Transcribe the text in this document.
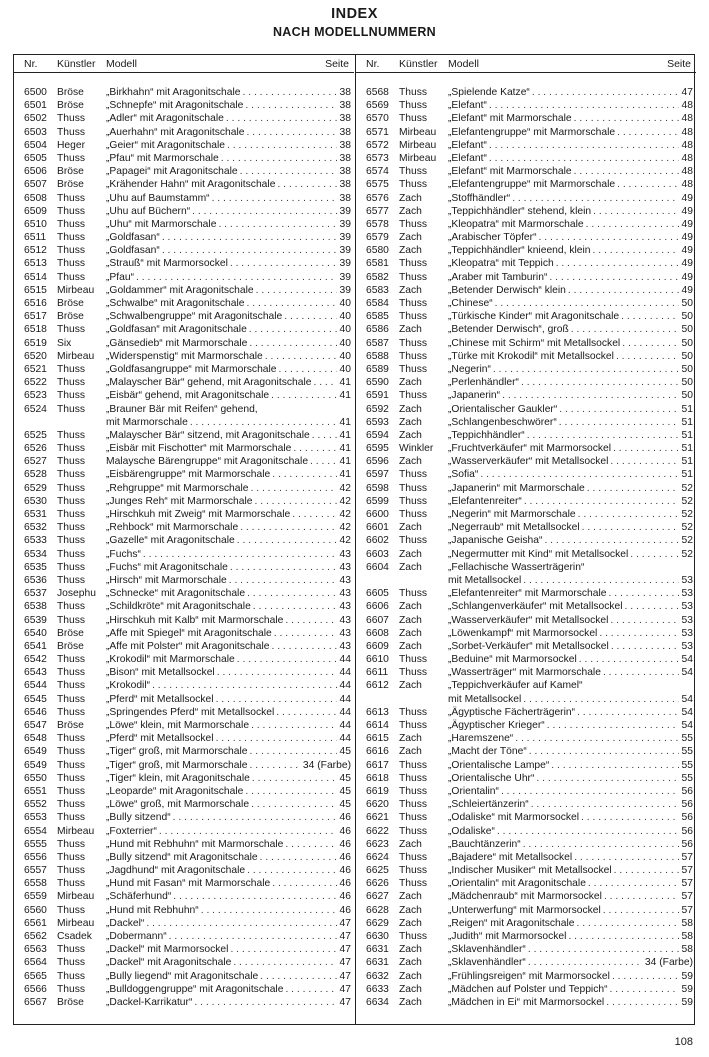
INDEX
NACH MODELLNUMMERN
Nr. Künstler Modell	Seite
6500 Bröse	„Birkhahn“ mit Aragonitschale . . .	38
6501 Bröse	„Schnepfe“ mit Aragonitschale . . .	38
6502 Thuss	„Adler“ mit Aragonitschale . . .	38
6503 Thuss	„Auerhahn“ mit Aragonitschale . . .	38
6504 Heger	„Geier“ mit Aragonitschale . . .	38
6505 Thuss	„Pfau“ mit Marmorschale . . .	38
6506 Bröse	„Papagei“ mit Aragonitschale . . .	38
6507 Bröse	„Krähender Hahn“ mit Aragonitschale . . .	38
6508 Thuss	„Uhu auf Baumstamm“ . . .	38
6509 Thuss	„Uhu auf Büchern“ . . .	39
6510 Thuss	„Uhu“ mit Marmorschale . . .	39
6511	Thuss	„Goldfasan“ . . .	39
6512 Thuss	„Goldfasan“ . . .	39
6513 Thuss	„Strauß“ mit Marmorsockel . . .	39
6514 Thuss	„Pfau“ . . .	39
6515 Mirbeau	„Goldammer“ mit Aragonitschale . . .	39
6516 Bröse	„Schwalbe“ mit Aragonitschale . . .	40
6517 Bröse	„Schwalbengruppe“ mit Aragonitschale . . .	40
6518 Thuss	„Goldfasan“ mit Aragonitschale . . .	40
6519 Six	„Gänsedieb“ mit Marmorschale . . .	40
6520 Mirbeau	„Widerspenstig“ mit Marmorschale . . .	40
6521 Thuss	„Goldfasangruppe“ mit Marmorschale . . .	40
6522 Thuss	„Malayscher Bär“ gehend, mit Aragonitschale . . .	41
6523 Thuss	„Eisbär“ gehend, mit Aragonitschale . . .	41
6524 Thuss	„Brauner Bär mit Reifen“ gehend,
mit Marmorschale . . .	41
6525 Thuss	„Malayscher Bär“ sitzend, mit Aragonitschale . . .	41
6526 Thuss	„Eisbär mit Fischotter“ mit Marmorschale . . .	41
6527 Thuss	Malaysche Bärengruppe“ mit Aragonitschale . . .	41
6528 Thuss	„Eisbärengruppe“ mit Marmorschale . . .	41
6529 Thuss	„Rehgruppe“ mit Marmorschale . . .	42
6530 Thuss	„Junges Reh“ mit Marmorschale . . .	42
6531 Thuss	„Hirschkuh mit Zweig“ mit Marmorschale . . .	42
6532 Thuss	„Rehbock“ mit Marmorschale . . .	42
6533 Thuss	„Gazelle“ mit Aragonitschale . . .	42
6534 Thuss	„Fuchs“ . . .	43
6535 Thuss	„Fuchs“ mit Aragonitschale . . .	43
6536 Thuss	„Hirsch“ mit Marmorschale . . .	43
6537 Josephu „Schnecke“ mit Aragonitschale . . .	43
6538 Thuss	„Schildkröte“ mit Aragonitschale . . .	43
6539 Thuss	„Hirschkuh mit Kalb“ mit Marmorschale . . .	43
6540 Bröse	„Affe mit Spiegel“ mit Aragonitschale . . .	43
6541 Bröse	„Affe mit Polster“ mit Aragonitschale . . .	43
6542 Thuss	„Krokodil“ mit Marmorschale . . .	44
6543 Thuss	„Bison“ mit Metallsockel . . .	44
6544 Thuss	„Krokodil“ . . .	44
6545 Thuss	„Pferd“ mit Metallsockel . . .	44
6546 Thuss	„Springendes Pferd“ mit Metallsockel . . .	44
6547 Bröse	„Löwe“ klein, mit Marmorschale . . .	44
6548 Thuss	„Pferd“ mit Metallsockel . . .	44
6549 Thuss	„Tiger“ groß, mit Marmorschale . . .	45
6549 Thuss	„Tiger“ groß, mit Marmorschale . . .	34 (Farbe)
6550 Thuss	„Tiger“ klein, mit Aragonitschale . . .	45
6551 Thuss	„Leoparde“ mit Aragonitschale . . .	45
6552 Thuss	„Löwe“ groß, mit Marmorschale . . .	45
6553 Thuss	„Bully sitzend“ . . .	46
6554 Mirbeau	„Foxterrier“ . . .	46
6555 Thuss	„Hund mit Rebhuhn“ mit Marmorschale . . .	46
6556 Thuss	„Bully sitzend“ mit Aragonitschale . . .	46
6557 Thuss	„Jagdhund“ mit Aragonitschale . . .	46
6558 Thuss	„Hund mit Fasan“ mit Marmorschale . . .	46
6559 Mirbeau	„Schäferhund“ . . .	46
6560 Thuss	„Hund mit Rebhuhn“ . . .	46
6561 Mirbeau	„Dackel“ . . .	47
6562 Csadek	„Dobermann“ . . .	47
6563 Thuss	„Dackel“ mit Marmorsockel . . .	47
6564 Thuss	„Dackel“ mit Aragonitschale . . .	47
6565 Thuss	„Bully liegend“ mit Aragonitschale . . .	47
6566 Thuss	„Bulldoggengruppe“ mit Aragonitschale . . .	47
6567 Bröse	„Dackel-Karrikatur“ . . .	47
Nr. Künstler Modell	Seite
6568 Thuss	„Spielende Katze“ . . .	47
6569 Thuss	„Elefant“ . . .	48
6570 Thuss	„Elefant“ mit Marmorschale . . .	48
6571 Mirbeau	„Elefantengruppe“ mit Marmorschale . . .	48
6572 Mirbeau	„Elefant“ . . .	48
6573 Mirbeau	„Elefant“ . . .	48
6574 Thuss	„Elefant“ mit Marmorschale . . .	48
6575 Thuss	„Elefantengruppe“ mit Marmorschale . . .	48
6576 Zach	„Stoffhändler“ . . .	49
6577 Zach	„Teppichhändler“ stehend, klein . . .	49
6578 Thuss	„Kleopatra“ mit Marmorschale . . .	49
6579 Zach	„Arabischer Töpfer“ . . .	49
6580 Zach	„Teppichhändler“ knieend, klein . . .	49
6581 Thuss	„Kleopatra“ mit Teppich . . .	49
6582 Thuss	„Araber mit Tamburin“ . . .	49
6583 Zach	„Betender Derwisch“ klein . . .	49
6584 Thuss	„Chinese“ . . .	50
6585 Thuss	„Türkische Kinder“ mit Aragonitschale . . .	50
6586 Zach	„Betender Derwisch“, groß . . .	50
6587 Thuss	„Chinese mit Schirm“ mit Metallsockel . . .	50
6588 Thuss	„Türke mit Krokodil“ mit Metallsockel . . .	50
6589 Thuss	„Negerin“ . . .	50
6590 Zach	„Perlenhändler“ . . .	50
6591 Thuss	„Japanerin“ . . .	50
6592 Zach	„Orientalischer Gaukler“ . . .	51
6593 Zach	„Schlangenbeschwörer“ . . .	51
6594 Zach	„Teppichhändler“ . . .	51
6595 Winkler	„Fruchtverkäufer“ mit Marmorsockel . . .	51
6596 Zach	„Wasserverkäufer“ mit Metallsockel . . .	51
6597 Thuss	„Sofia“ . . .	51
6598 Thuss	„Japanerin“ mit Marmorschale . . .	52
6599 Thuss	„Elefantenreiter“ . . .	52
6600 Thuss	„Negerin“ mit Marmorschale . . .	52
6601 Zach	„Negerraub“ mit Metallsockel . . .	52
6602 Thuss	„Japanische Geisha“ . . .	52
6603 Zach	„Negermutter mit Kind“ mit Metallsockel . . .	52
6604 Zach	„Fellachische Wasserträgerin“
mit Metallsockel . . .	53
6605 Thuss	„Elefantenreiter“ mit Marmorschale . . .	53
6606 Zach	„Schlangenverkäufer“ mit Metallsockel . . .	53
6607 Zach	„Wasserverkäufer“ mit Metallsockel . . .	53
6608 Zach	„Löwenkampf“ mit Marmorsockel . . .	53
6609 Zach	„Sorbet-Verkäufer“ mit Metallsockel . . .	53
6610 Thuss	„Beduine“ mit Marmorsockel . . .	54
6611	Thuss	„Wasserträger“ mit Marmorschale . . .	54
6612 Zach	„Teppichverkäufer auf Kamel“
mit Metallsockel . . .	54
6613 Thuss	„Ägyptische Fächerträgerin“ . . .	54
6614 Thuss	„Ägyptischer Krieger“ . . .	54
6615 Zach	„Haremszene“ . . .	55
6616 Zach	„Macht der Töne“ . . .	55
6617 Thuss	„Orientalische Lampe“ . . .	55
6618 Thuss	„Orientalische Uhr“ . . .	55
6619 Thuss	„Orientalin“ . . .	56
6620 Thuss	„Schleiertänzerin“ . . .	56
6621 Thuss	„Odaliske“ mit Marmorsockel . . .	56
6622 Thuss	„Odaliske“ . . .	56
6623 Zach	„Bauchtänzerin“ . . .	56
6624 Thuss	„Bajadere“ mit Metallsockel . . .	57
6625 Thuss	„Indischer Musiker“ mit Metallsockel . . .	57
6626 Thuss	„Orientalin“ mit Aragonitschale . . .	57
6627 Zach	„Mädchenraub“ mit Marmorsockel . . .	57
6628 Zach	„Unterwerfung“ mit Marmorsockel . . .	57
6629 Zach	„Reigen“ mit Aragonitschale . . .	58
6630 Thuss	„Judith“ mit Marmorsockel . . .	58
6631 Zach	„Sklavenhändler“ . . .	58
6631 Zach	„Sklavenhändler“ . . .	34 (Farbe)
6632 Zach	„Frühlingsreigen“ mit Marmorsockel . . .	59
6633 Zach	„Mädchen auf Polster und Teppich“ . . .	59
6634 Zach	„Mädchen in Ei“ mit Marmorsockel . . .	59

108
